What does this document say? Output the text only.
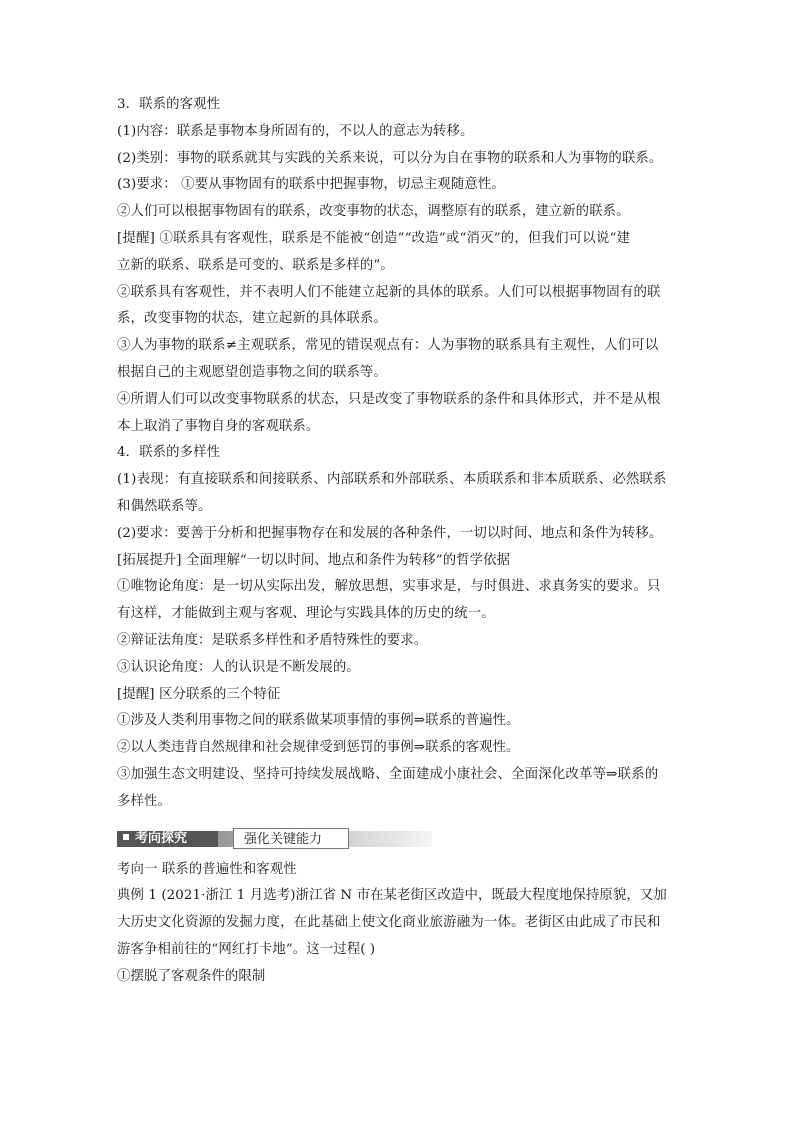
3．联系的客观性
(1)内容：联系是事物本身所固有的，不以人的意志为转移。
(2)类别：事物的联系就其与实践的关系来说，可以分为自在事物的联系和人为事物的联系。
(3)要求： ①要从事物固有的联系中把握事物，切忌主观随意性。
②人们可以根据事物固有的联系，改变事物的状态，调整原有的联系，建立新的联系。
[提醒] ①联系具有客观性，联系是不能被“创造”“改造”或“消灭”的，但我们可以说“建
立新的联系、联系是可变的、联系是多样的”。
②联系具有客观性，并不表明人们不能建立起新的具体的联系。人们可以根据事物固有的联
系，改变事物的状态，建立起新的具体联系。
③人为事物的联系≠主观联系，常见的错误观点有：人为事物的联系具有主观性，人们可以
根据自己的主观愿望创造事物之间的联系等。
④所谓人们可以改变事物联系的状态，只是改变了事物联系的条件和具体形式，并不是从根
本上取消了事物自身的客观联系。
4．联系的多样性
(1)表现：有直接联系和间接联系、内部联系和外部联系、本质联系和非本质联系、必然联系
和偶然联系等。
(2)要求：要善于分析和把握事物存在和发展的各种条件，一切以时间、地点和条件为转移。
[拓展提升] 全面理解“一切以时间、地点和条件为转移”的哲学依据
①唯物论角度：是一切从实际出发，解放思想，实事求是，与时俱进、求真务实的要求。只
有这样，才能做到主观与客观、理论与实践具体的历史的统一。
②辩证法角度：是联系多样性和矛盾特殊性的要求。
③认识论角度：人的认识是不断发展的。
[提醒] 区分联系的三个特征
①涉及人类利用事物之间的联系做某项事情的事例⇒联系的普遍性。
②以人类违背自然规律和社会规律受到惩罚的事例⇒联系的客观性。
③加强生态文明建设、坚持可持续发展战略、全面建成小康社会、全面深化改革等⇒联系的
多样性。
考向探究	强化关键能力
考向一 联系的普遍性和客观性
典例 1 (2021·浙江 1 月选考)浙江省 N 市在某老街区改造中，既最大程度地保持原貌，又加
大历史文化资源的发掘力度，在此基础上使文化商业旅游融为一体。老街区由此成了市民和
游客争相前往的“网红打卡地”。这一过程( )
①摆脱了客观条件的限制
